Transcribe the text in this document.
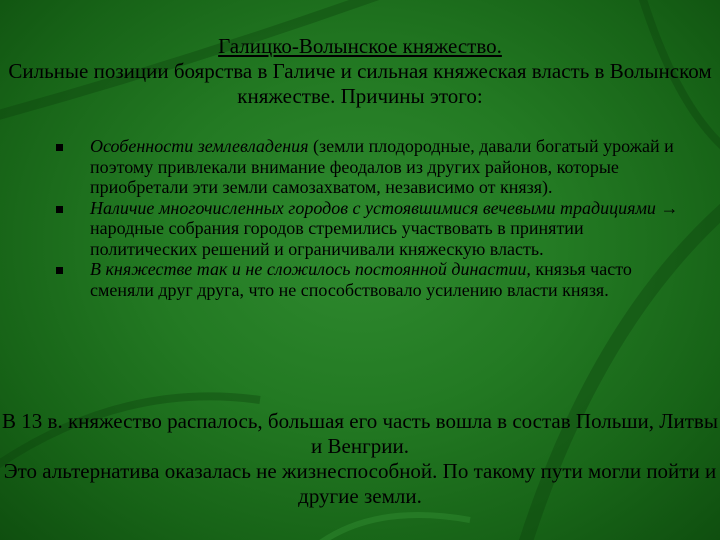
Галицко-Волынское княжество.
Сильные позиции боярства в Галиче и сильная княжеская власть в Волынском княжестве. Причины этого:
Особенности землевладения (земли плодородные, давали богатый урожай и поэтому привлекали внимание феодалов из других районов, которые приобретали эти земли самозахватом, независимо от князя).
Наличие многочисленных городов с устоявшимися вечевыми традициями → народные собрания городов стремились участвовать в принятии политических решений и ограничивали княжескую власть.
В княжестве так и не сложилось постоянной династии, князья часто сменяли друг друга, что не способствовало усилению власти князя.

В 13 в. княжество распалось, большая его часть вошла в состав Польши, Литвы и Венгрии.

Это альтернатива оказалась не жизнеспособной. По такому пути могли пойти и другие земли.
